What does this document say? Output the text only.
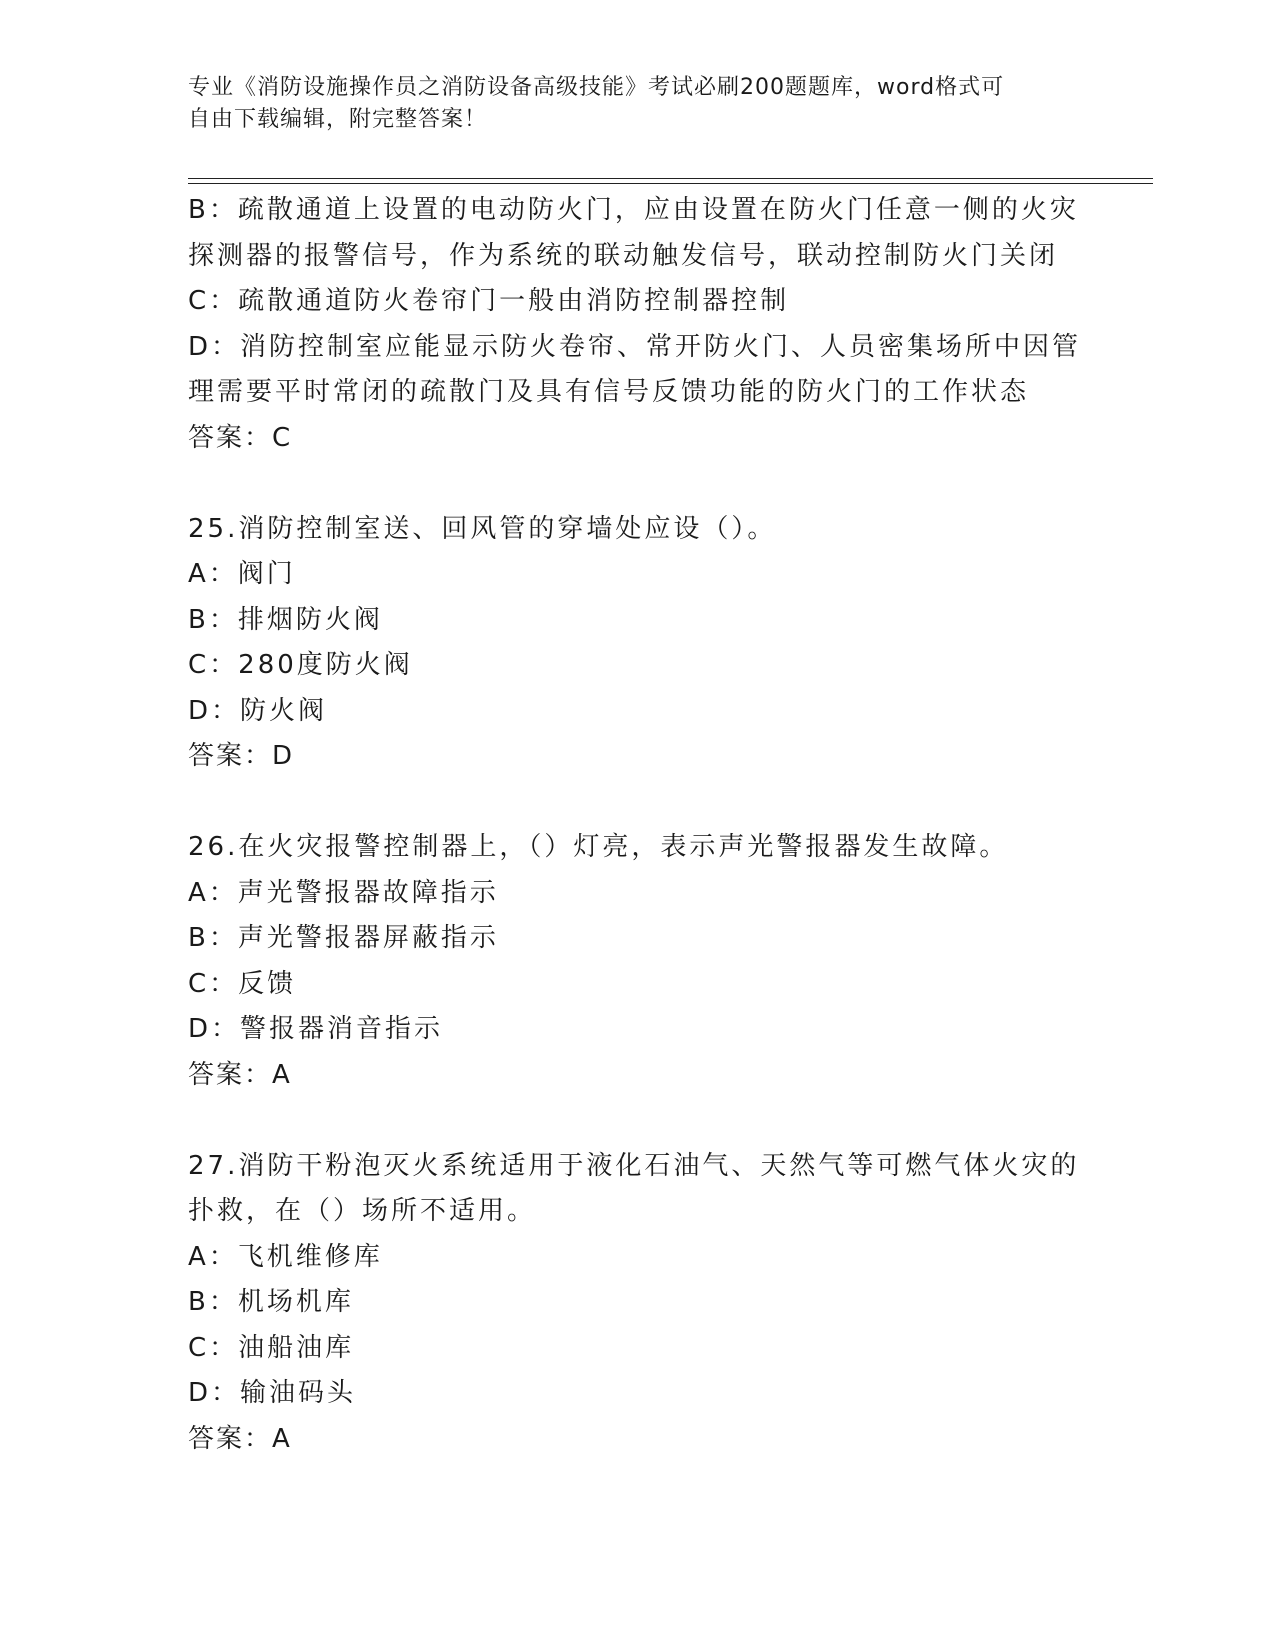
专业《消防设施操作员之消防设备高级技能》考试必刷200题题库，word格式可
自由下载编辑，附完整答案！
B：疏散通道上设置的电动防火门，应由设置在防火门任意一侧的火灾
探测器的报警信号，作为系统的联动触发信号，联动控制防火门关闭
C：疏散通道防火卷帘门一般由消防控制器控制
D：消防控制室应能显示防火卷帘、常开防火门、人员密集场所中因管
理需要平时常闭的疏散门及具有信号反馈功能的防火门的工作状态
答案：C
25.消防控制室送、回风管的穿墙处应设（）。
A：阀门
B：排烟防火阀
C：280度防火阀
D：防火阀
答案：D
26.在火灾报警控制器上，（）灯亮，表示声光警报器发生故障。
A：声光警报器故障指示
B：声光警报器屏蔽指示
C：反馈
D：警报器消音指示
答案：A
27.消防干粉泡灭火系统适用于液化石油气、天然气等可燃气体火灾的
扑救，在（）场所不适用。
A：飞机维修库
B：机场机库
C：油船油库
D：输油码头
答案：A
